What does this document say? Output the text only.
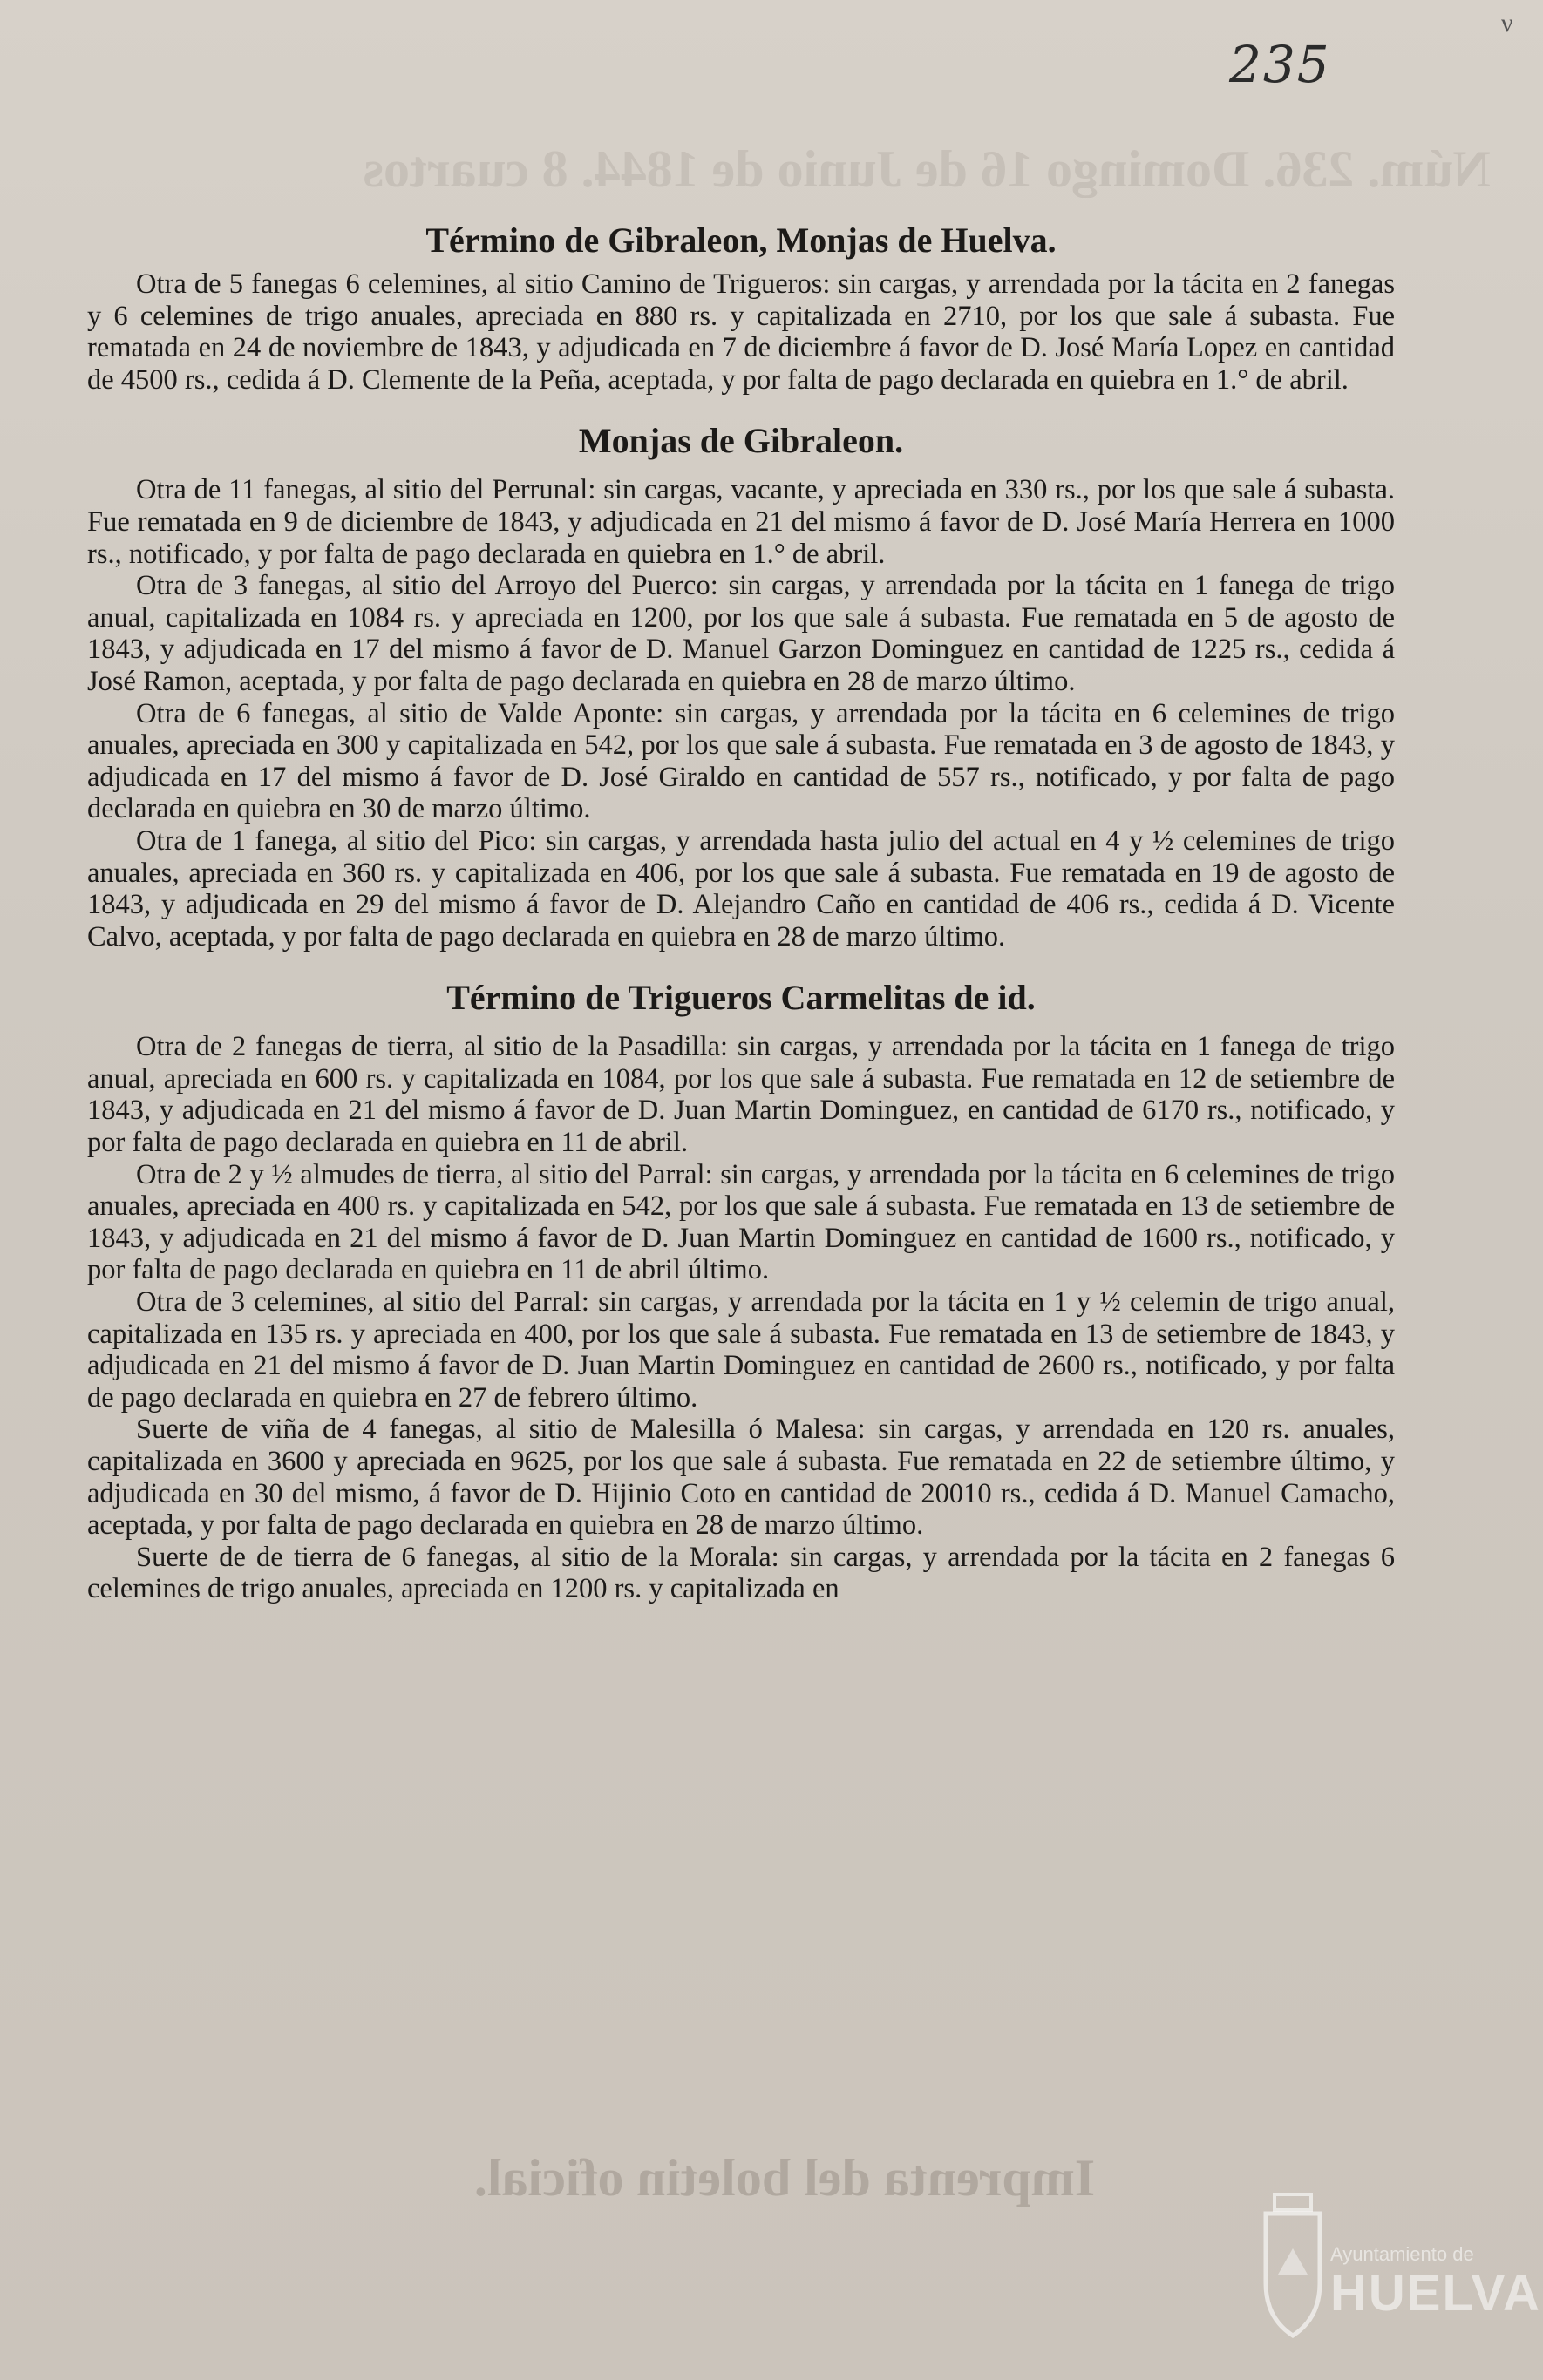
ν
235
Núm. 236. Domingo 16 de Junio de 1844. 8 cuartos
Término de Gibraleon, Monjas de Huelva.

Otra de 5 fanegas 6 celemines, al sitio Camino de Trigueros: sin cargas, y arrendada por la tácita en 2 fanegas y 6 celemines de trigo anuales, apreciada en 880 rs. y capitalizada en 2710, por los que sale á subasta. Fue rematada en 24 de noviembre de 1843, y adjudicada en 7 de diciembre á favor de D. José María Lopez en cantidad de 4500 rs., cedida á D. Clemente de la Peña, aceptada, y por falta de pago declarada en quiebra en 1.° de abril.

Monjas de Gibraleon.

Otra de 11 fanegas, al sitio del Perrunal: sin cargas, vacante, y apreciada en 330 rs., por los que sale á subasta. Fue rematada en 9 de diciembre de 1843, y adjudicada en 21 del mismo á favor de D. José María Herrera en 1000 rs., notificado, y por falta de pago declarada en quiebra en 1.° de abril.

Otra de 3 fanegas, al sitio del Arroyo del Puerco: sin cargas, y arrendada por la tácita en 1 fanega de trigo anual, capitalizada en 1084 rs. y apreciada en 1200, por los que sale á subasta. Fue rematada en 5 de agosto de 1843, y adjudicada en 17 del mismo á favor de D. Manuel Garzon Dominguez en cantidad de 1225 rs., cedida á José Ramon, aceptada, y por falta de pago declarada en quiebra en 28 de marzo último.

Otra de 6 fanegas, al sitio de Valde Aponte: sin cargas, y arrendada por la tácita en 6 celemines de trigo anuales, apreciada en 300 y capitalizada en 542, por los que sale á subasta. Fue rematada en 3 de agosto de 1843, y adjudicada en 17 del mismo á favor de D. José Giraldo en cantidad de 557 rs., notificado, y por falta de pago declarada en quiebra en 30 de marzo último.

Otra de 1 fanega, al sitio del Pico: sin cargas, y arrendada hasta julio del actual en 4 y ½ celemines de trigo anuales, apreciada en 360 rs. y capitalizada en 406, por los que sale á subasta. Fue rematada en 19 de agosto de 1843, y adjudicada en 29 del mismo á favor de D. Alejandro Caño en cantidad de 406 rs., cedida á D. Vicente Calvo, aceptada, y por falta de pago declarada en quiebra en 28 de marzo último.

Término de Trigueros Carmelitas de id.

Otra de 2 fanegas de tierra, al sitio de la Pasadilla: sin cargas, y arrendada por la tácita en 1 fanega de trigo anual, apreciada en 600 rs. y capitalizada en 1084, por los que sale á subasta. Fue rematada en 12 de setiembre de 1843, y adjudicada en 21 del mismo á favor de D. Juan Martin Dominguez, en cantidad de 6170 rs., notificado, y por falta de pago declarada en quiebra en 11 de abril.

Otra de 2 y ½ almudes de tierra, al sitio del Parral: sin cargas, y arrendada por la tácita en 6 celemines de trigo anuales, apreciada en 400 rs. y capitalizada en 542, por los que sale á subasta. Fue rematada en 13 de setiembre de 1843, y adjudicada en 21 del mismo á favor de D. Juan Martin Dominguez en cantidad de 1600 rs., notificado, y por falta de pago declarada en quiebra en 11 de abril último.

Otra de 3 celemines, al sitio del Parral: sin cargas, y arrendada por la tácita en 1 y ½ celemin de trigo anual, capitalizada en 135 rs. y apreciada en 400, por los que sale á subasta. Fue rematada en 13 de setiembre de 1843, y adjudicada en 21 del mismo á favor de D. Juan Martin Dominguez en cantidad de 2600 rs., notificado, y por falta de pago declarada en quiebra en 27 de febrero último.

Suerte de viña de 4 fanegas, al sitio de Malesilla ó Malesa: sin cargas, y arrendada en 120 rs. anuales, capitalizada en 3600 y apreciada en 9625, por los que sale á subasta. Fue rematada en 22 de setiembre último, y adjudicada en 30 del mismo, á favor de D. Hijinio Coto en cantidad de 20010 rs., cedida á D. Manuel Camacho, aceptada, y por falta de pago declarada en quiebra en 28 de marzo último.

Suerte de de tierra de 6 fanegas, al sitio de la Morala: sin cargas, y arrendada por la tácita en 2 fanegas 6 celemines de trigo anuales, apreciada en 1200 rs. y capitalizada en

Imprenta del boletin oficial.
Ayuntamiento de
HUELVA
